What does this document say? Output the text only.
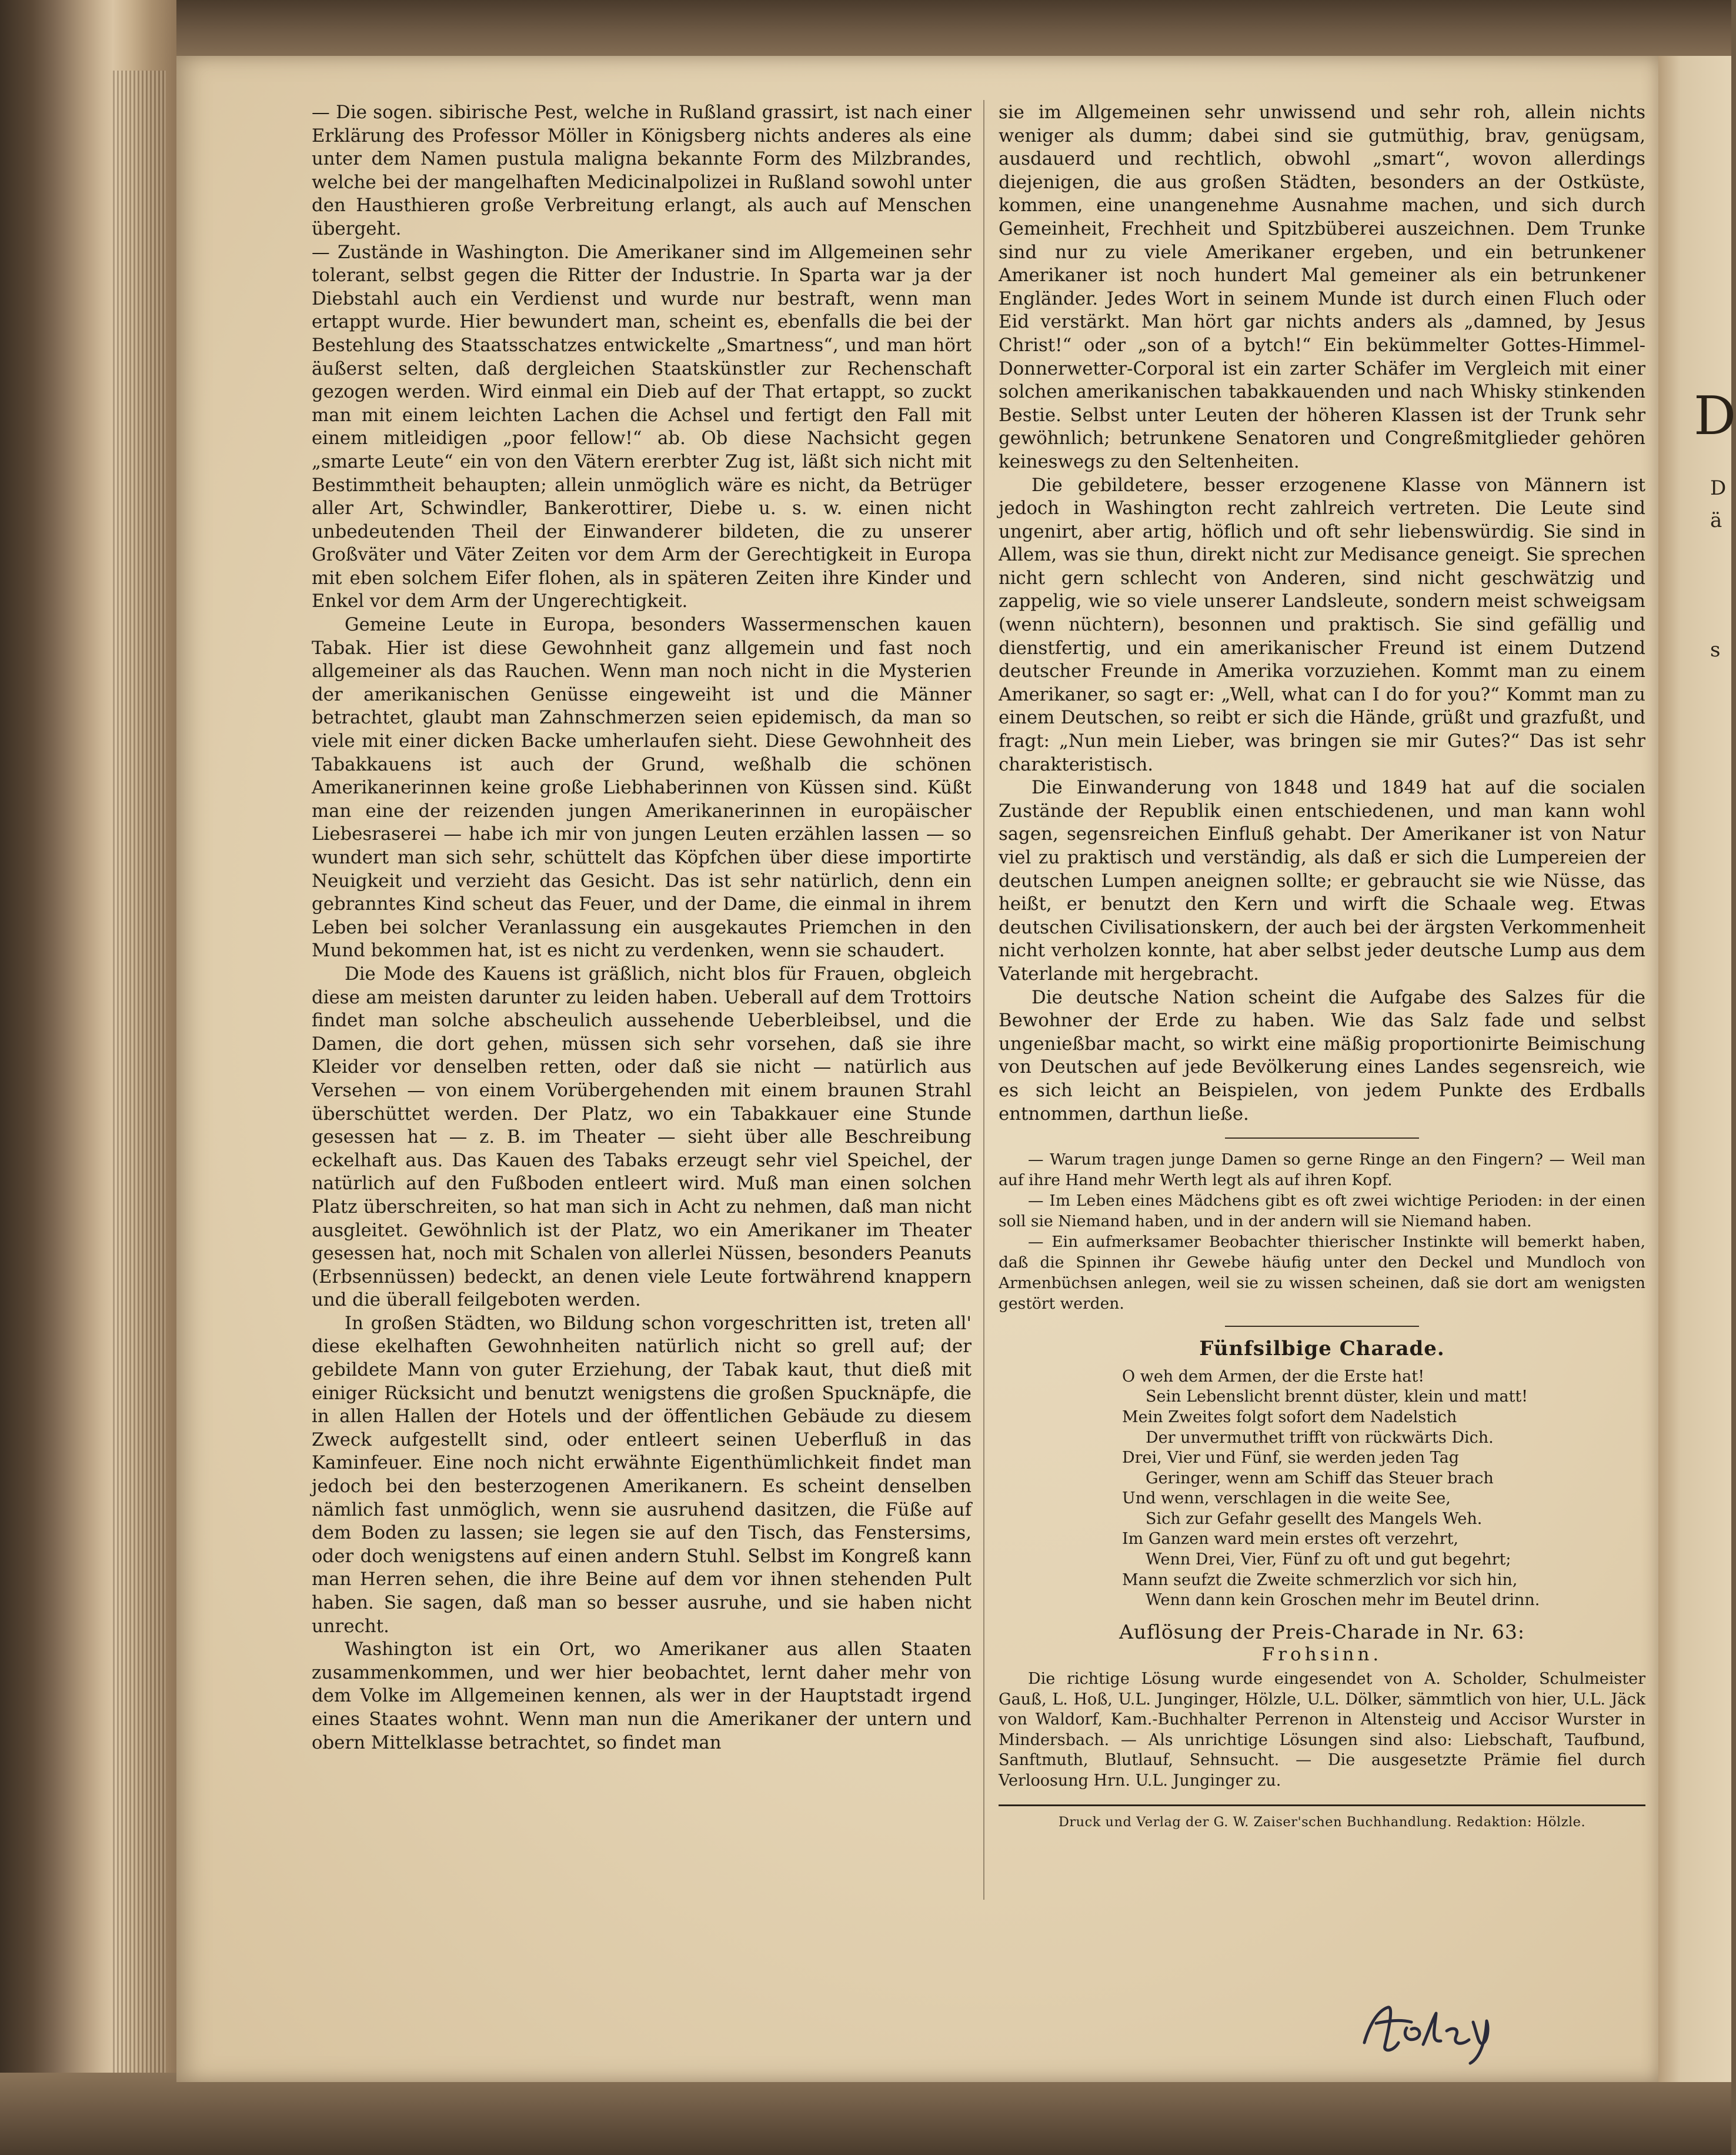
D
D
ä
s

— Die sogen. sibirische Pest, welche in Rußland grassirt, ist nach einer Erklärung des Professor Möller in Königsberg nichts anderes als eine unter dem Namen pustula maligna bekannte Form des Milzbrandes, welche bei der mangelhaften Medicinalpolizei in Rußland sowohl unter den Hausthieren große Verbreitung erlangt, als auch auf Menschen übergeht.

— Zustände in Washington. Die Amerikaner sind im Allgemeinen sehr tolerant, selbst gegen die Ritter der Industrie. In Sparta war ja der Diebstahl auch ein Verdienst und wurde nur bestraft, wenn man ertappt wurde. Hier bewundert man, scheint es, ebenfalls die bei der Bestehlung des Staatsschatzes entwickelte „Smartness“, und man hört äußerst selten, daß dergleichen Staatskünstler zur Rechenschaft gezogen werden. Wird einmal ein Dieb auf der That ertappt, so zuckt man mit einem leichten Lachen die Achsel und fertigt den Fall mit einem mitleidigen „poor fellow!“ ab. Ob diese Nachsicht gegen „smarte Leute“ ein von den Vätern ererbter Zug ist, läßt sich nicht mit Bestimmtheit behaupten; allein unmöglich wäre es nicht, da Betrüger aller Art, Schwindler, Bankerottirer, Diebe u. s. w. einen nicht unbedeutenden Theil der Einwanderer bildeten, die zu unserer Großväter und Väter Zeiten vor dem Arm der Gerechtigkeit in Europa mit eben solchem Eifer flohen, als in späteren Zeiten ihre Kinder und Enkel vor dem Arm der Ungerechtigkeit.

Gemeine Leute in Europa, besonders Wassermenschen kauen Tabak. Hier ist diese Gewohnheit ganz allgemein und fast noch allgemeiner als das Rauchen. Wenn man noch nicht in die Mysterien der amerikanischen Genüsse eingeweiht ist und die Männer betrachtet, glaubt man Zahnschmerzen seien epidemisch, da man so viele mit einer dicken Backe umherlaufen sieht. Diese Gewohnheit des Tabakkauens ist auch der Grund, weßhalb die schönen Amerikanerinnen keine große Liebhaberinnen von Küssen sind. Küßt man eine der reizenden jungen Amerikanerinnen in europäischer Liebesraserei — habe ich mir von jungen Leuten erzählen lassen — so wundert man sich sehr, schüttelt das Köpfchen über diese importirte Neuigkeit und verzieht das Gesicht. Das ist sehr natürlich, denn ein gebranntes Kind scheut das Feuer, und der Dame, die einmal in ihrem Leben bei solcher Veranlassung ein ausgekautes Priemchen in den Mund bekommen hat, ist es nicht zu verdenken, wenn sie schaudert.

Die Mode des Kauens ist gräßlich, nicht blos für Frauen, obgleich diese am meisten darunter zu leiden haben. Ueberall auf dem Trottoirs findet man solche abscheulich aussehende Ueberbleibsel, und die Damen, die dort gehen, müssen sich sehr vorsehen, daß sie ihre Kleider vor denselben retten, oder daß sie nicht — natürlich aus Versehen — von einem Vorübergehenden mit einem braunen Strahl überschüttet werden. Der Platz, wo ein Tabakkauer eine Stunde gesessen hat — z. B. im Theater — sieht über alle Beschreibung eckelhaft aus. Das Kauen des Tabaks erzeugt sehr viel Speichel, der natürlich auf den Fußboden entleert wird. Muß man einen solchen Platz überschreiten, so hat man sich in Acht zu nehmen, daß man nicht ausgleitet. Gewöhnlich ist der Platz, wo ein Amerikaner im Theater gesessen hat, noch mit Schalen von allerlei Nüssen, besonders Peanuts (Erbsennüssen) bedeckt, an denen viele Leute fortwährend knappern und die überall feilgeboten werden.

In großen Städten, wo Bildung schon vorgeschritten ist, treten all' diese ekelhaften Gewohnheiten natürlich nicht so grell auf; der gebildete Mann von guter Erziehung, der Tabak kaut, thut dieß mit einiger Rücksicht und benutzt wenigstens die großen Spucknäpfe, die in allen Hallen der Hotels und der öffentlichen Gebäude zu diesem Zweck aufgestellt sind, oder entleert seinen Ueberfluß in das Kaminfeuer. Eine noch nicht erwähnte Eigenthümlichkeit findet man jedoch bei den besterzogenen Amerikanern. Es scheint denselben nämlich fast unmöglich, wenn sie ausruhend dasitzen, die Füße auf dem Boden zu lassen; sie legen sie auf den Tisch, das Fenstersims, oder doch wenigstens auf einen andern Stuhl. Selbst im Kongreß kann man Herren sehen, die ihre Beine auf dem vor ihnen stehenden Pult haben. Sie sagen, daß man so besser ausruhe, und sie haben nicht unrecht.

Washington ist ein Ort, wo Amerikaner aus allen Staaten zusammenkommen, und wer hier beobachtet, lernt daher mehr von dem Volke im Allgemeinen kennen, als wer in der Hauptstadt irgend eines Staates wohnt. Wenn man nun die Amerikaner der untern und obern Mittelklasse betrachtet, so findet man

sie im Allgemeinen sehr unwissend und sehr roh, allein nichts weniger als dumm; dabei sind sie gutmüthig, brav, genügsam, ausdauerd und rechtlich, obwohl „smart“, wovon allerdings diejenigen, die aus großen Städten, besonders an der Ostküste, kommen, eine unangenehme Ausnahme machen, und sich durch Gemeinheit, Frechheit und Spitzbüberei auszeichnen. Dem Trunke sind nur zu viele Amerikaner ergeben, und ein betrunkener Amerikaner ist noch hundert Mal gemeiner als ein betrunkener Engländer. Jedes Wort in seinem Munde ist durch einen Fluch oder Eid verstärkt. Man hört gar nichts anders als „damned, by Jesus Christ!“ oder „son of a bytch!“ Ein bekümmelter Gottes-Himmel-Donnerwetter-Corporal ist ein zarter Schäfer im Vergleich mit einer solchen amerikanischen tabakkauenden und nach Whisky stinkenden Bestie. Selbst unter Leuten der höheren Klassen ist der Trunk sehr gewöhnlich; betrunkene Senatoren und Congreßmitglieder gehören keineswegs zu den Seltenheiten.

Die gebildetere, besser erzogenene Klasse von Männern ist jedoch in Washington recht zahlreich vertreten. Die Leute sind ungenirt, aber artig, höflich und oft sehr liebenswürdig. Sie sind in Allem, was sie thun, direkt nicht zur Medisance geneigt. Sie sprechen nicht gern schlecht von Anderen, sind nicht geschwätzig und zappelig, wie so viele unserer Landsleute, sondern meist schweigsam (wenn nüchtern), besonnen und praktisch. Sie sind gefällig und dienstfertig, und ein amerikanischer Freund ist einem Dutzend deutscher Freunde in Amerika vorzuziehen. Kommt man zu einem Amerikaner, so sagt er: „Well, what can I do for you?“ Kommt man zu einem Deutschen, so reibt er sich die Hände, grüßt und grazfußt, und fragt: „Nun mein Lieber, was bringen sie mir Gutes?“ Das ist sehr charakteristisch.

Die Einwanderung von 1848 und 1849 hat auf die socialen Zustände der Republik einen entschiedenen, und man kann wohl sagen, segensreichen Einfluß gehabt. Der Amerikaner ist von Natur viel zu praktisch und verständig, als daß er sich die Lumpereien der deutschen Lumpen aneignen sollte; er gebraucht sie wie Nüsse, das heißt, er benutzt den Kern und wirft die Schaale weg. Etwas deutschen Civilisationskern, der auch bei der ärgsten Verkommenheit nicht verholzen konnte, hat aber selbst jeder deutsche Lump aus dem Vaterlande mit hergebracht.

Die deutsche Nation scheint die Aufgabe des Salzes für die Bewohner der Erde zu haben. Wie das Salz fade und selbst ungenießbar macht, so wirkt eine mäßig proportionirte Beimischung von Deutschen auf jede Bevölkerung eines Landes segensreich, wie es sich leicht an Beispielen, von jedem Punkte des Erdballs entnommen, darthun ließe.

— Warum tragen junge Damen so gerne Ringe an den Fingern? — Weil man auf ihre Hand mehr Werth legt als auf ihren Kopf.

— Im Leben eines Mädchens gibt es oft zwei wichtige Perioden: in der einen soll sie Niemand haben, und in der andern will sie Niemand haben.

— Ein aufmerksamer Beobachter thierischer Instinkte will bemerkt haben, daß die Spinnen ihr Gewebe häufig unter den Deckel und Mundloch von Armenbüchsen anlegen, weil sie zu wissen scheinen, daß sie dort am wenigsten gestört werden.

Fünfsilbige Charade.
O weh dem Armen, der die Erste hat!
Sein Lebenslicht brennt düster, klein und matt!
Mein Zweites folgt sofort dem Nadelstich
Der unvermuthet trifft von rückwärts Dich.
Drei, Vier und Fünf, sie werden jeden Tag
Geringer, wenn am Schiff das Steuer brach
Und wenn, verschlagen in die weite See,
Sich zur Gefahr gesellt des Mangels Weh.
Im Ganzen ward mein erstes oft verzehrt,
Wenn Drei, Vier, Fünf zu oft und gut begehrt;
Mann seufzt die Zweite schmerzlich vor sich hin,
Wenn dann kein Groschen mehr im Beutel drinn.
Auflösung der Preis-Charade in Nr. 63:
Frohsinn.

Die richtige Lösung wurde eingesendet von A. Scholder, Schulmeister Gauß, L. Hoß, U.L. Junginger, Hölzle, U.L. Dölker, sämmtlich von hier, U.L. Jäck von Waldorf, Kam.-Buchhalter Perrenon in Altensteig und Accisor Wurster in Mindersbach. — Als unrichtige Lösungen sind also: Liebschaft, Taufbund, Sanftmuth, Blutlauf, Sehnsucht. — Die ausgesetzte Prämie fiel durch Verloosung Hrn. U.L. Junginger zu.

Druck und Verlag der G. W. Zaiser'schen Buchhandlung. Redaktion: Hölzle.
